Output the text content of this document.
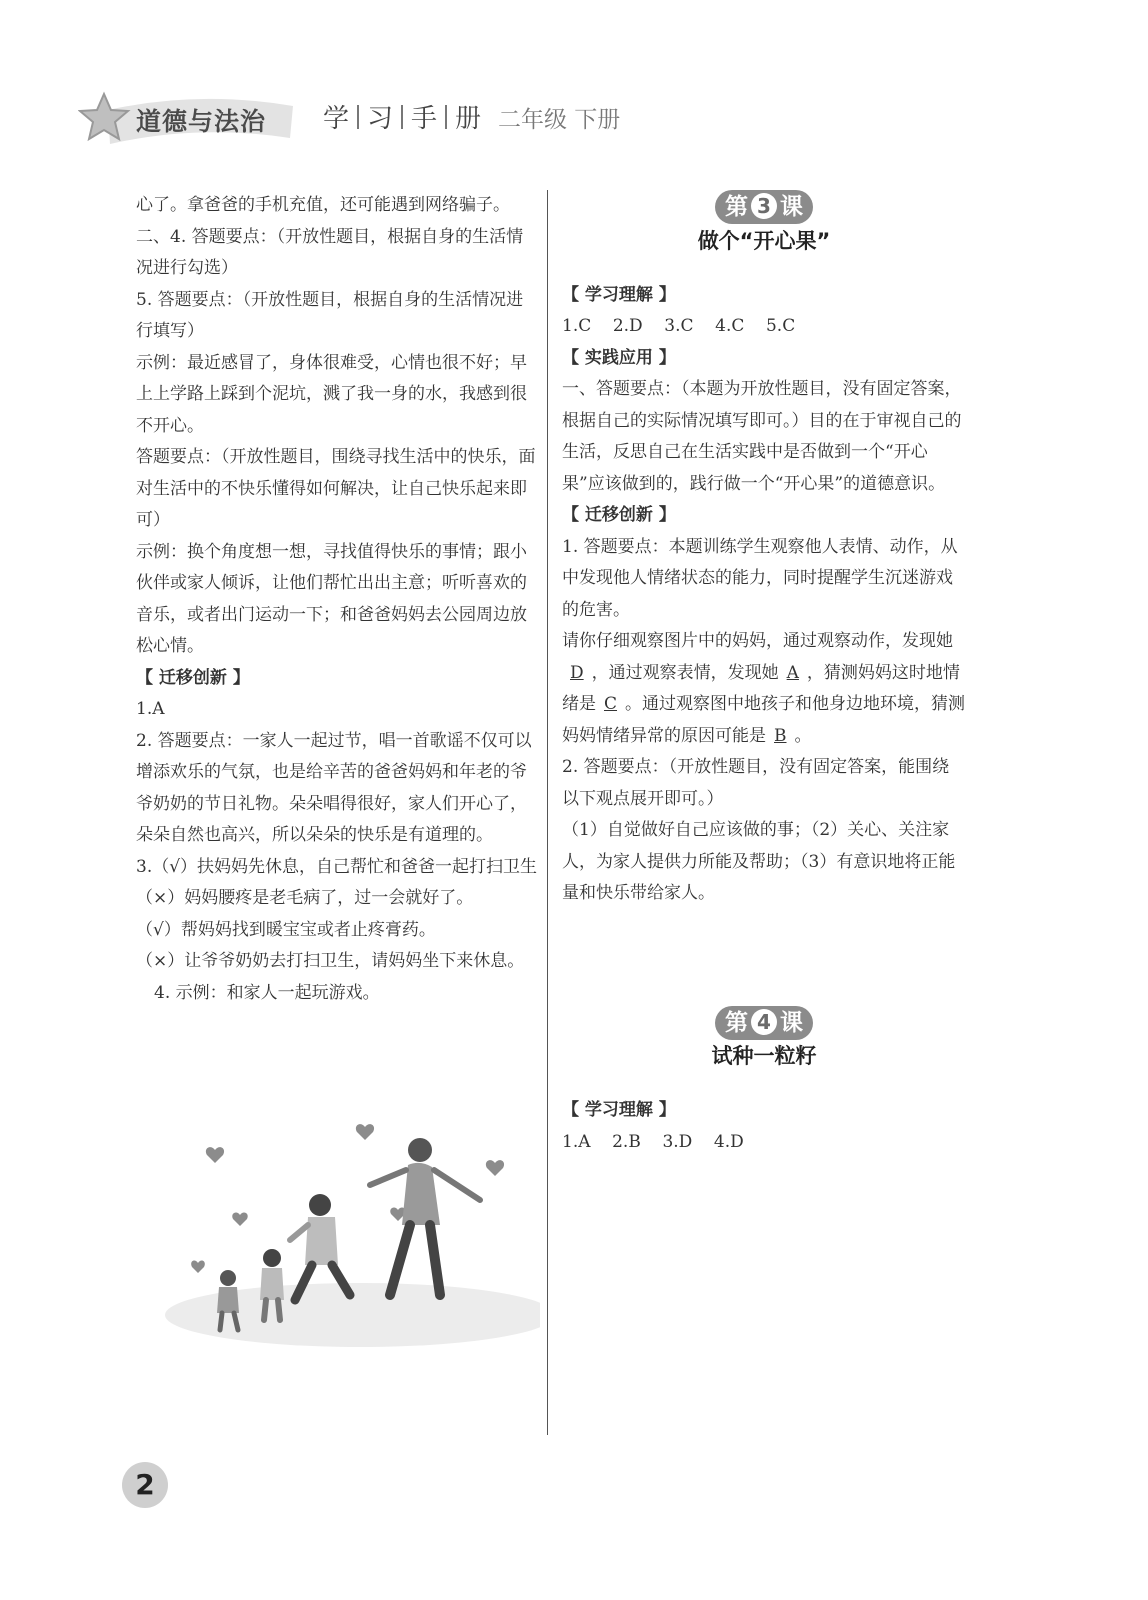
道德与法治 学 习 手 册 二年级 下册

心了。拿爸爸的手机充值，还可能遇到网络骗子。

二、4. 答题要点：（开放性题目，根据自身的生活情况进行勾选）

5. 答题要点：（开放性题目，根据自身的生活情况进行填写）

示例：最近感冒了，身体很难受，心情也很不好；早上上学路上踩到个泥坑，溅了我一身的水，我感到很不开心。

答题要点：（开放性题目，围绕寻找生活中的快乐，面对生活中的不快乐懂得如何解决，让自己快乐起来即可）

示例：换个角度想一想，寻找值得快乐的事情；跟小伙伴或家人倾诉，让他们帮忙出出主意；听听喜欢的音乐，或者出门运动一下；和爸爸妈妈去公园周边放松心情。

【 迁移创新 】

1.A

2. 答题要点：一家人一起过节，唱一首歌谣不仅可以增添欢乐的气氛，也是给辛苦的爸爸妈妈和年老的爷爷奶奶的节日礼物。朵朵唱得很好，家人们开心了，朵朵自然也高兴，所以朵朵的快乐是有道理的。

3.（√）扶妈妈先休息，自己帮忙和爸爸一起打扫卫生

（×）妈妈腰疼是老毛病了，过一会就好了。

（√）帮妈妈找到暖宝宝或者止疼膏药。

（×）让爷爷奶奶去打扫卫生，请妈妈坐下来休息。

4. 示例：和家人一起玩游戏。

第 3 课
做个“开心果”

【 学习理解 】

1.C    2.D    3.C    4.C    5.C

【 实践应用 】

一、答题要点：（本题为开放性题目，没有固定答案，根据自己的实际情况填写即可。）目的在于审视自己的生活，反思自己在生活实践中是否做到一个“开心果”应该做到的，践行做一个“开心果”的道德意识。

【 迁移创新 】

1. 答题要点：本题训练学生观察他人表情、动作，从中发现他人情绪状态的能力，同时提醒学生沉迷游戏的危害。

请你仔细观察图片中的妈妈，通过观察动作，发现她D ，通过观察表情，发现她 A ，猜测妈妈这时地情绪是 C 。通过观察图中地孩子和他身边地环境，猜测妈妈情绪异常的原因可能是 B 。

2. 答题要点：（开放性题目，没有固定答案，能围绕以下观点展开即可。）

（1）自觉做好自己应该做的事；（2）关心、关注家人，为家人提供力所能及帮助；（3）有意识地将正能量和快乐带给家人。

第 4 课
试种一粒籽

【 学习理解 】

1.A    2.B    3.D    4.D

2
